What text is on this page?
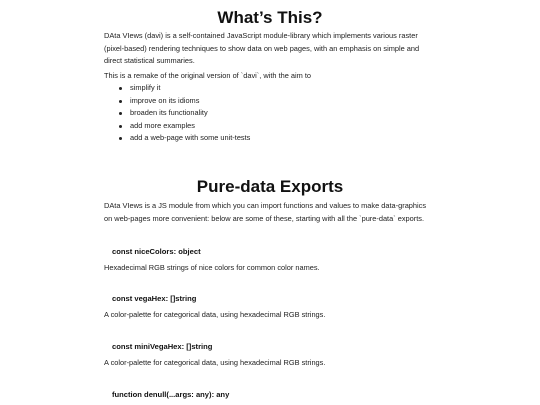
What’s This?

DAta VIews (davi) is a self-contained JavaScript module-library which implements various raster (pixel-based) rendering techniques to show data on web pages, with an emphasis on simple and direct statistical summaries.

This is a remake of the original version of `davi`, with the aim to

simplify it
improve on its idioms
broaden its functionality
add more examples
add a web-page with some unit-tests
Pure-data Exports

DAta VIews is a JS module from which you can import functions and values to make data-graphics on web-pages more convenient: below are some of these, starting with all the `pure-data` exports.

const niceColors: object

Hexadecimal RGB strings of nice colors for common color names.

const vegaHex: []string

A color-palette for categorical data, using hexadecimal RGB strings.

const miniVegaHex: []string

A color-palette for categorical data, using hexadecimal RGB strings.

function denull(...args: any): any
